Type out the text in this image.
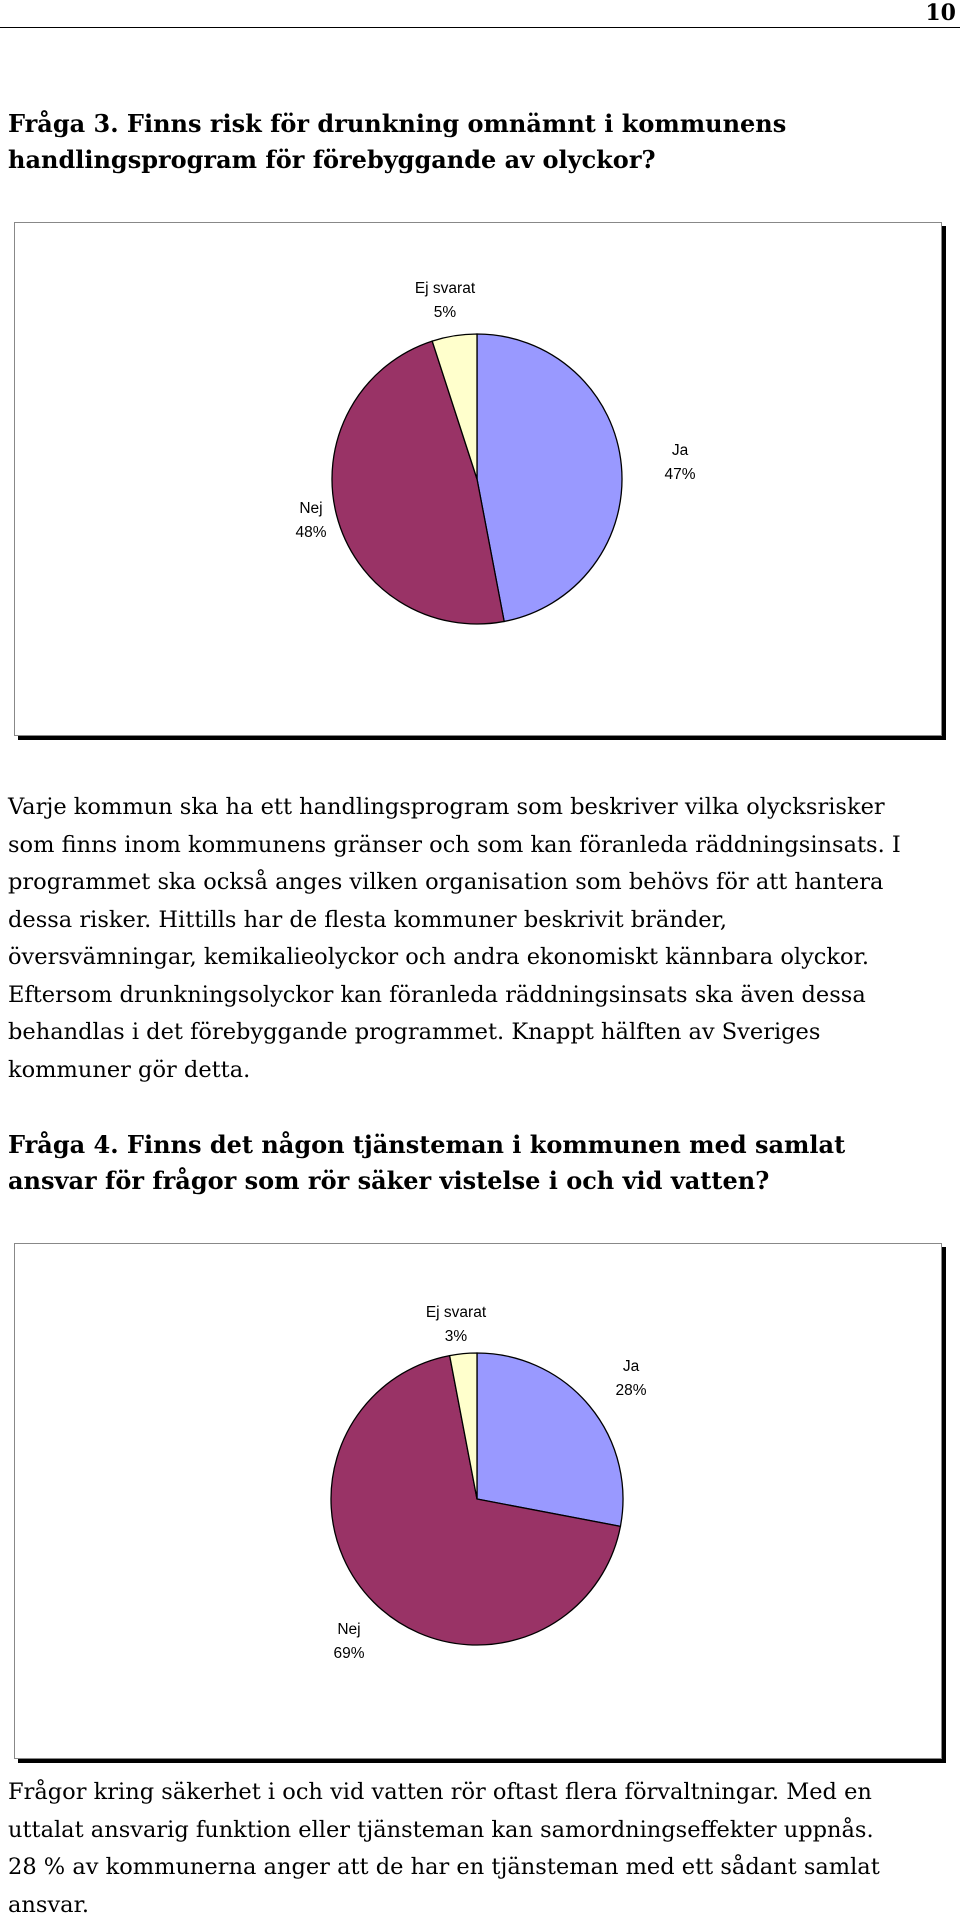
10
Fråga 3. Finns risk för drunkning omnämnt i kommunens
handlingsprogram för förebyggande av olyckor?
Ja
47%
Nej
48%
Ej svarat
5%
Varje kommun ska ha ett handlingsprogram som beskriver vilka olycksrisker
som finns inom kommunens gränser och som kan föranleda räddningsinsats. I
programmet ska också anges vilken organisation som behövs för att hantera
dessa risker. Hittills har de flesta kommuner beskrivit bränder,
översvämningar, kemikalieolyckor och andra ekonomiskt kännbara olyckor.
Eftersom drunkningsolyckor kan föranleda räddningsinsats ska även dessa
behandlas i det förebyggande programmet. Knappt hälften av Sveriges
kommuner gör detta.
Fråga 4. Finns det någon tjänsteman i kommunen med samlat
ansvar för frågor som rör säker vistelse i och vid vatten?
Ja
28%
Nej
69%
Ej svarat
3%
Frågor kring säkerhet i och vid vatten rör oftast flera förvaltningar. Med en
uttalat ansvarig funktion eller tjänsteman kan samordningseffekter uppnås.
28 % av kommunerna anger att de har en tjänsteman med ett sådant samlat
ansvar.
